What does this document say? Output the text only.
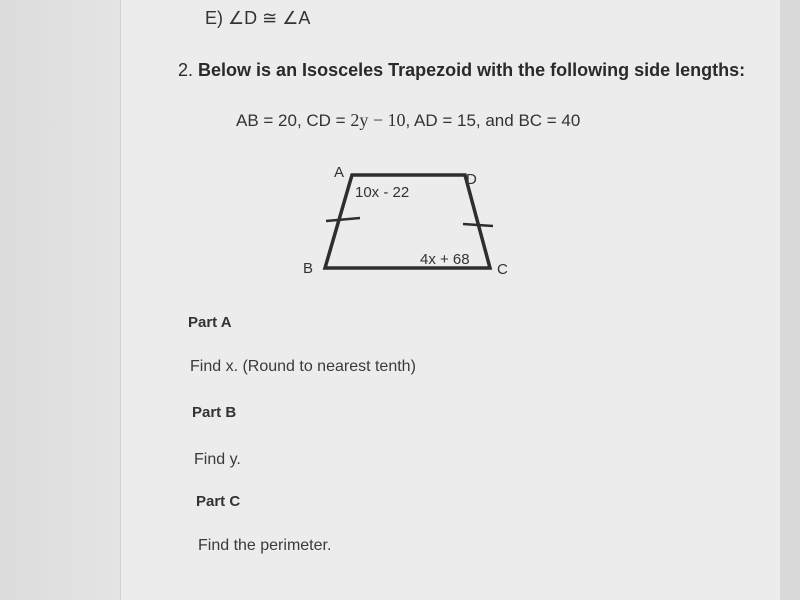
E) ∠D ≅ ∠A
2. Below is an Isosceles Trapezoid with the following side lengths:
AB = 20, CD = 2y − 10, AD = 15, and BC = 40
A	D
B	C
10x - 22
4x + 68
Part A
Find x. (Round to nearest tenth)
Part B
Find y.
Part C
Find the perimeter.
